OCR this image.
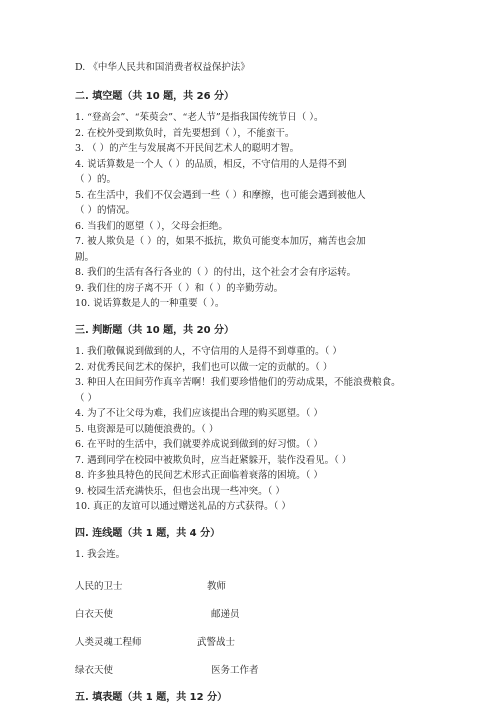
D. 《中华人民共和国消费者权益保护法》
二. 填空题（共 10 题，共 26 分）
1. “登高会”、“茱萸会”、“老人节”是指我国传统节日（ ）。
2. 在校外受到欺负时，首先要想到（ ），不能蛮干。
3. （ ）的产生与发展离不开民间艺术人的聪明才智。
4. 说话算数是一个人（ ）的品质，相反，不守信用的人是得不到
（ ）的。
5. 在生活中，我们不仅会遇到一些（ ）和摩擦，也可能会遇到被他人
（ ）的情况。
6. 当我们的愿望（ ），父母会拒绝。
7. 被人欺负是（ ）的，如果不抵抗，欺负可能变本加厉，痛苦也会加
剧。
8. 我们的生活有各行各业的（ ）的付出，这个社会才会有序运转。
9. 我们住的房子离不开（ ）和（ ）的辛勤劳动。
10. 说话算数是人的一种重要（ ）。
三. 判断题（共 10 题，共 20 分）
1. 我们敬佩说到做到的人，不守信用的人是得不到尊重的。（ ）
2. 对优秀民间艺术的保护，我们也可以做一定的贡献的。（ ）
3. 种田人在田间劳作真辛苦啊！我们要珍惜他们的劳动成果，不能浪费粮食。
（ ）
4. 为了不让父母为难，我们应该提出合理的购买愿望。（ ）
5. 电资源是可以随便浪费的。（ ）
6. 在平时的生活中，我们就要养成说到做到的好习惯。（ ）
7. 遇到同学在校园中被欺负时，应当赶紧躲开，装作没看见。（ ）
8. 许多独具特色的民间艺术形式正面临着衰落的困境。（ ）
9. 校园生活充满快乐，但也会出现一些冲突。（ ）
10. 真正的友谊可以通过赠送礼品的方式获得。（ ）
四. 连线题（共 1 题，共 4 分）
1. 我会连。
人民的卫士	教师
白衣天使	邮递员
人类灵魂工程师	武警战士
绿衣天使	医务工作者
五. 填表题（共 1 题，共 12 分）
